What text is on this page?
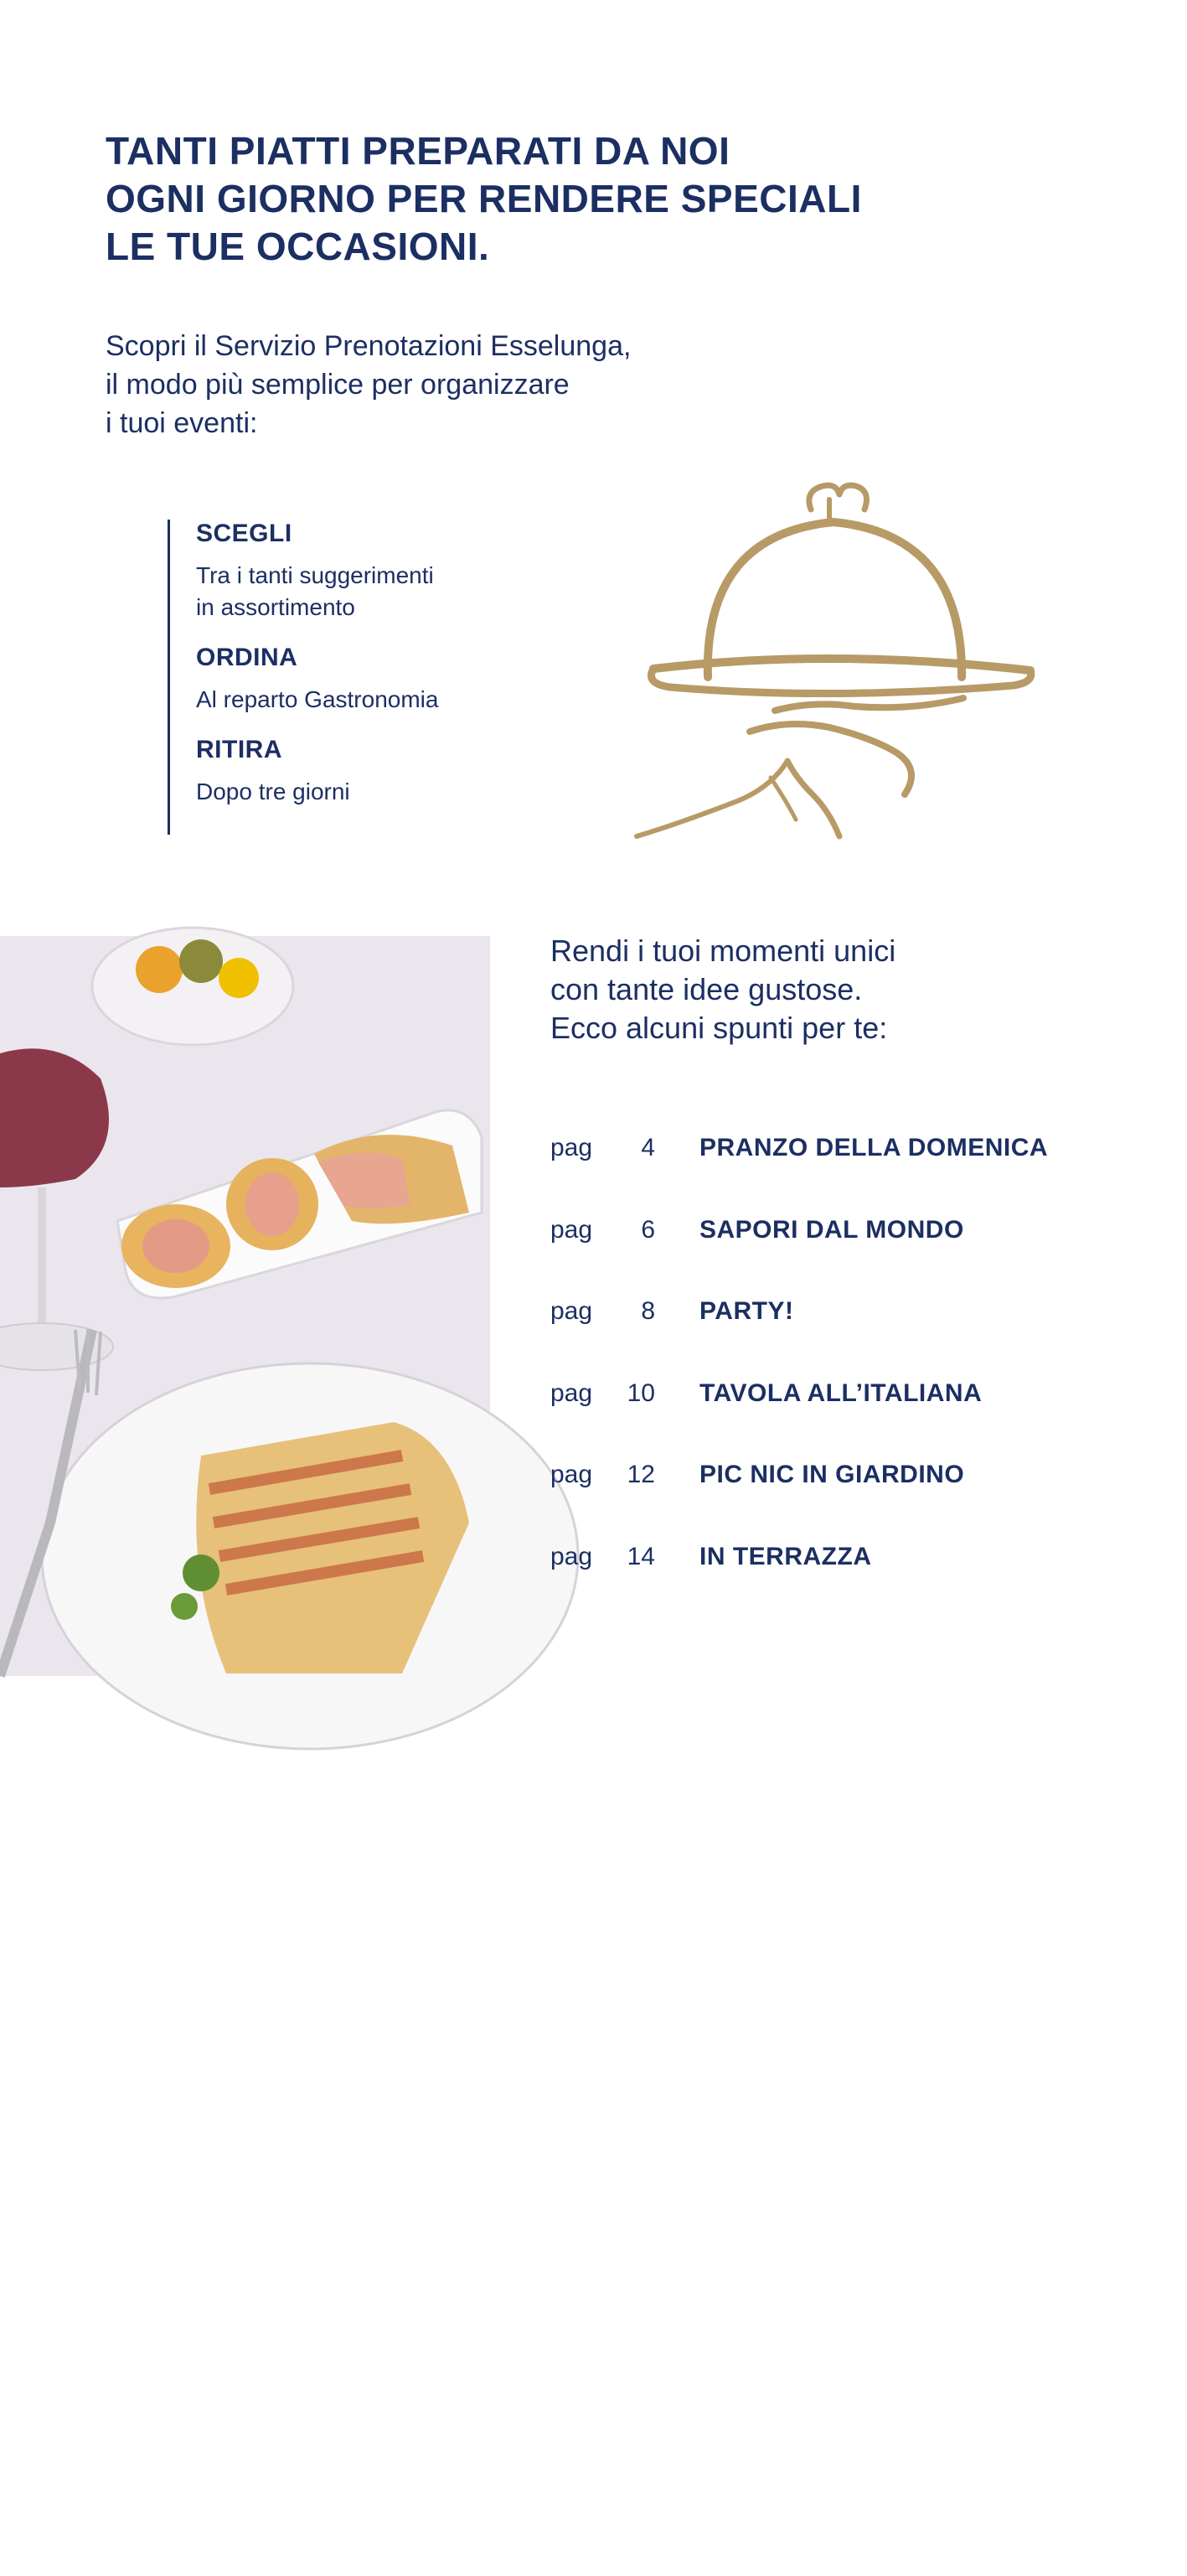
TANTI PIATTI PREPARATI DA NOI
OGNI GIORNO PER RENDERE SPECIALI
LE TUE OCCASIONI.
Scopri il Servizio Prenotazioni Esselunga,
il modo più semplice per organizzare
i tuoi eventi:
SCEGLI
Tra i tanti suggerimenti
in assortimento
ORDINA
Al reparto Gastronomia
RITIRA
Dopo tre giorni
4
Rendi i tuoi momenti unici
con tante idee gustose.
Ecco alcuni spunti per te:
pag	4 PRANZO DELLA DOMENICA
pag	6 SAPORI DAL MONDO
pag	8 PARTY!
pag	10 TAVOLA ALL’ITALIANA
pag	12 PIC NIC IN GIARDINO
pag	14 IN TERRAZZA
